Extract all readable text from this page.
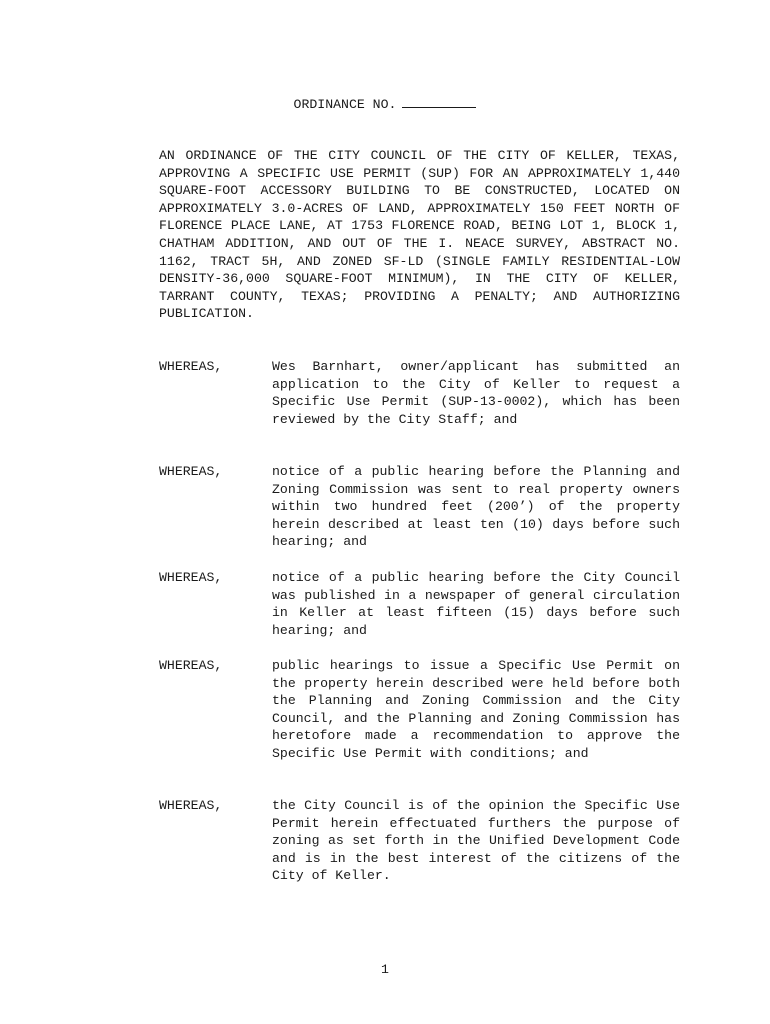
ORDINANCE NO.
AN ORDINANCE OF THE CITY COUNCIL OF THE CITY OF KELLER, TEXAS, APPROVING A SPECIFIC USE PERMIT (SUP) FOR AN APPROXIMATELY 1,440 SQUARE-FOOT ACCESSORY BUILDING TO BE CONSTRUCTED, LOCATED ON APPROXIMATELY 3.0-ACRES OF LAND, APPROXIMATELY 150 FEET NORTH OF FLORENCE PLACE LANE, AT 1753 FLORENCE ROAD, BEING LOT 1, BLOCK 1, CHATHAM ADDITION, AND OUT OF THE I. NEACE SURVEY, ABSTRACT NO. 1162, TRACT 5H, AND ZONED SF-LD (SINGLE FAMILY RESIDENTIAL-LOW DENSITY-36,000 SQUARE-FOOT MINIMUM), IN THE CITY OF KELLER, TARRANT COUNTY, TEXAS; PROVIDING A PENALTY; AND AUTHORIZING PUBLICATION.
WHEREAS,	Wes Barnhart, owner/applicant has submitted an application to the City of Keller to request a Specific Use Permit (SUP-13-0002), which has been reviewed by the City Staff; and
WHEREAS,	notice of a public hearing before the Planning and Zoning Commission was sent to real property owners within two hundred feet (200’) of the property herein described at least ten (10) days before such hearing; and
WHEREAS,	notice of a public hearing before the City Council was published in a newspaper of general circulation in Keller at least fifteen (15) days before such hearing; and
WHEREAS,	public hearings to issue a Specific Use Permit on the property herein described were held before both the Planning and Zoning Commission and the City Council, and the Planning and Zoning Commission has heretofore made a recommendation to approve the Specific Use Permit with conditions; and
WHEREAS,	the City Council is of the opinion the Specific Use Permit herein effectuated furthers the purpose of zoning as set forth in the Unified Development Code and is in the best interest of the citizens of the City of Keller.
1
